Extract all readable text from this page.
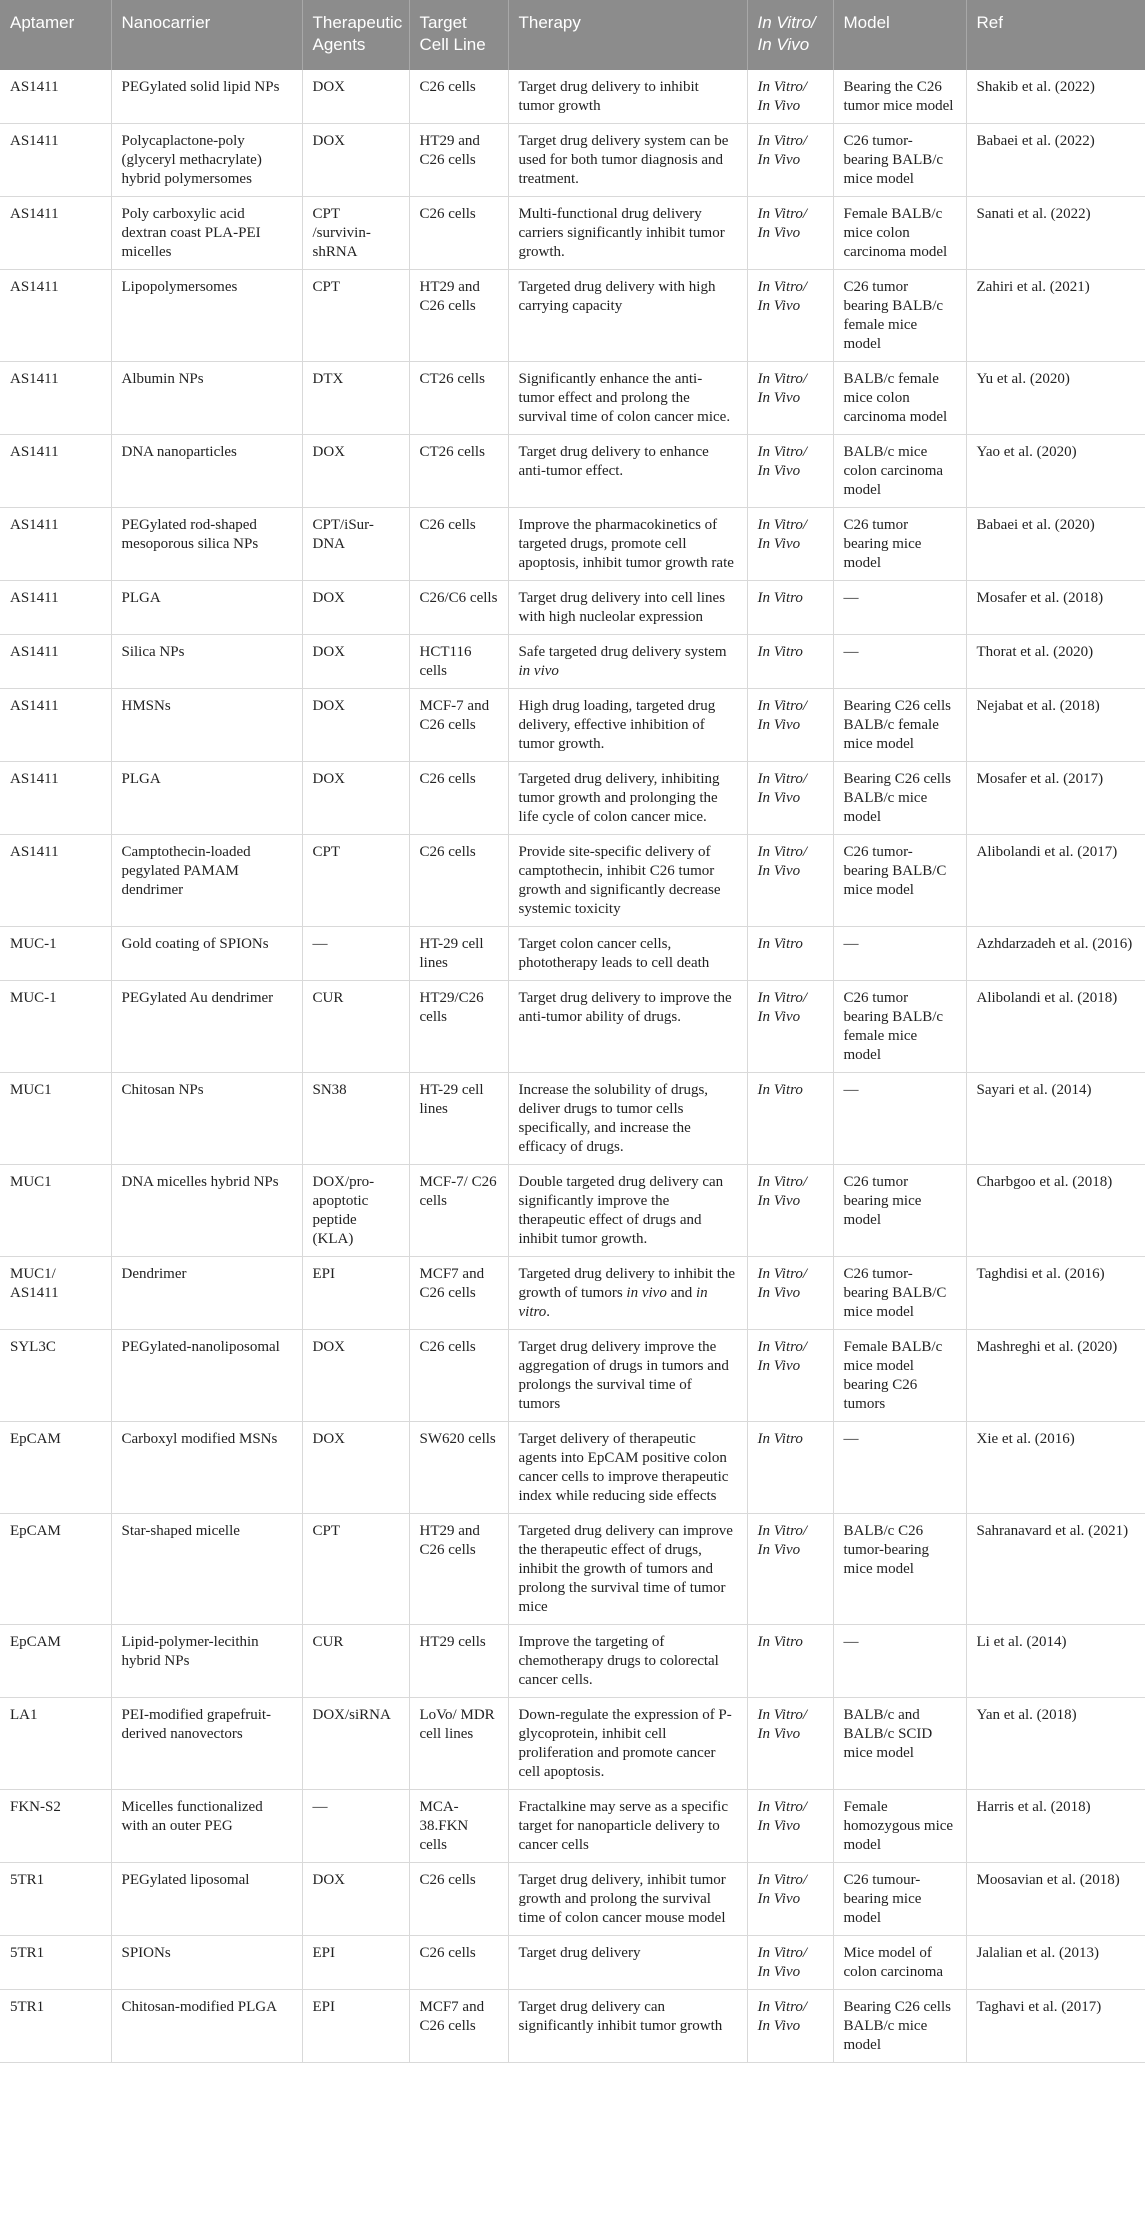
Aptamer	Nanocarrier	Therapeutic Agents	Target Cell Line	Therapy	In Vitro/ In Vivo	Model	Ref
AS1411	PEGylated solid lipid NPs	DOX	C26 cells	Target drug delivery to inhibit tumor growth	In Vitro/ In Vivo	Bearing the C26 tumor mice model	Shakib et al. (2022)
AS1411	Polycaplactone-poly (glyceryl methacrylate) hybrid polymersomes	DOX	HT29 and C26 cells	Target drug delivery system can be used for both tumor diagnosis and treatment.	In Vitro/ In Vivo	C26 tumor-bearing BALB/c mice model	Babaei et al. (2022)
AS1411	Poly carboxylic acid dextran coast PLA-PEI micelles	CPT /survivin-shRNA	C26 cells	Multi-functional drug delivery carriers significantly inhibit tumor growth.	In Vitro/ In Vivo	Female BALB/c mice colon carcinoma model	Sanati et al. (2022)
AS1411	Lipopolymersomes	CPT	HT29 and C26 cells	Targeted drug delivery with high carrying capacity	In Vitro/ In Vivo	C26 tumor bearing BALB/c female mice model	Zahiri et al. (2021)
AS1411	Albumin NPs	DTX	CT26 cells	Significantly enhance the anti-tumor effect and prolong the survival time of colon cancer mice.	In Vitro/ In Vivo	BALB/c female mice colon carcinoma model	Yu et al. (2020)
AS1411	DNA nanoparticles	DOX	CT26 cells	Target drug delivery to enhance anti-tumor effect.	In Vitro/ In Vivo	BALB/c mice colon carcinoma model	Yao et al. (2020)
AS1411	PEGylated rod-shaped mesoporous silica NPs	CPT/iSur-DNA	C26 cells	Improve the pharmacokinetics of targeted drugs, promote cell apoptosis, inhibit tumor growth rate	In Vitro/ In Vivo	C26 tumor bearing mice model	Babaei et al. (2020)
AS1411	PLGA	DOX	C26/C6 cells	Target drug delivery into cell lines with high nucleolar expression	In Vitro	—	Mosafer et al. (2018)
AS1411	Silica NPs	DOX	HCT116 cells	Safe targeted drug delivery system in vivo	In Vitro	—	Thorat et al. (2020)
AS1411	HMSNs	DOX	MCF-7 and C26 cells	High drug loading, targeted drug delivery, effective inhibition of tumor growth.	In Vitro/ In Vivo	Bearing C26 cells BALB/c female mice model	Nejabat et al. (2018)
AS1411	PLGA	DOX	C26 cells	Targeted drug delivery, inhibiting tumor growth and prolonging the life cycle of colon cancer mice.	In Vitro/ In Vivo	Bearing C26 cells BALB/c mice model	Mosafer et al. (2017)
AS1411	Camptothecin-loaded pegylated PAMAM dendrimer	CPT	C26 cells	Provide site-specific delivery of camptothecin, inhibit C26 tumor growth and significantly decrease systemic toxicity	In Vitro/ In Vivo	C26 tumor-bearing BALB/C mice model	Alibolandi et al. (2017)
MUC-1	Gold coating of SPIONs	—	HT-29 cell lines	Target colon cancer cells, phototherapy leads to cell death	In Vitro	—	Azhdarzadeh et al. (2016)
MUC-1	PEGylated Au dendrimer	CUR	HT29/C26 cells	Target drug delivery to improve the anti-tumor ability of drugs.	In Vitro/ In Vivo	C26 tumor bearing BALB/c female mice model	Alibolandi et al. (2018)
MUC1	Chitosan NPs	SN38	HT-29 cell lines	Increase the solubility of drugs, deliver drugs to tumor cells specifically, and increase the efficacy of drugs.	In Vitro	—	Sayari et al. (2014)
MUC1	DNA micelles hybrid NPs	DOX/pro-apoptotic peptide (KLA)	MCF-7/ C26 cells	Double targeted drug delivery can significantly improve the therapeutic effect of drugs and inhibit tumor growth.	In Vitro/ In Vivo	C26 tumor bearing mice model	Charbgoo et al. (2018)
MUC1/ AS1411	Dendrimer	EPI	MCF7 and C26 cells	Targeted drug delivery to inhibit the growth of tumors in vivo and in vitro.	In Vitro/ In Vivo	C26 tumor-bearing BALB/C mice model	Taghdisi et al. (2016)
SYL3C	PEGylated-nanoliposomal	DOX	C26 cells	Target drug delivery improve the aggregation of drugs in tumors and prolongs the survival time of tumors	In Vitro/ In Vivo	Female BALB/c mice model bearing C26 tumors	Mashreghi et al. (2020)
EpCAM	Carboxyl modified MSNs	DOX	SW620 cells	Target delivery of therapeutic agents into EpCAM positive colon cancer cells to improve therapeutic index while reducing side effects	In Vitro	—	Xie et al. (2016)
EpCAM	Star-shaped micelle	CPT	HT29 and C26 cells	Targeted drug delivery can improve the therapeutic effect of drugs, inhibit the growth of tumors and prolong the survival time of tumor mice	In Vitro/ In Vivo	BALB/c C26 tumor-bearing mice model	Sahranavard et al. (2021)
EpCAM	Lipid-polymer-lecithin hybrid NPs	CUR	HT29 cells	Improve the targeting of chemotherapy drugs to colorectal cancer cells.	In Vitro	—	Li et al. (2014)
LA1	PEI-modified grapefruit-derived nanovectors	DOX/siRNA	LoVo/ MDR cell lines	Down-regulate the expression of P-glycoprotein, inhibit cell proliferation and promote cancer cell apoptosis.	In Vitro/ In Vivo	BALB/c and BALB/c SCID mice model	Yan et al. (2018)
FKN-S2	Micelles functionalized with an outer PEG	—	MCA-38.FKN cells	Fractalkine may serve as a specific target for nanoparticle delivery to cancer cells	In Vitro/ In Vivo	Female homozygous mice model	Harris et al. (2018)
5TR1	PEGylated liposomal	DOX	C26 cells	Target drug delivery, inhibit tumor growth and prolong the survival time of colon cancer mouse model	In Vitro/ In Vivo	C26 tumour-bearing mice model	Moosavian et al. (2018)
5TR1	SPIONs	EPI	C26 cells	Target drug delivery	In Vitro/ In Vivo	Mice model of colon carcinoma	Jalalian et al. (2013)
5TR1	Chitosan-modified PLGA	EPI	MCF7 and C26 cells	Target drug delivery can significantly inhibit tumor growth	In Vitro/ In Vivo	Bearing C26 cells BALB/c mice model	Taghavi et al. (2017)
